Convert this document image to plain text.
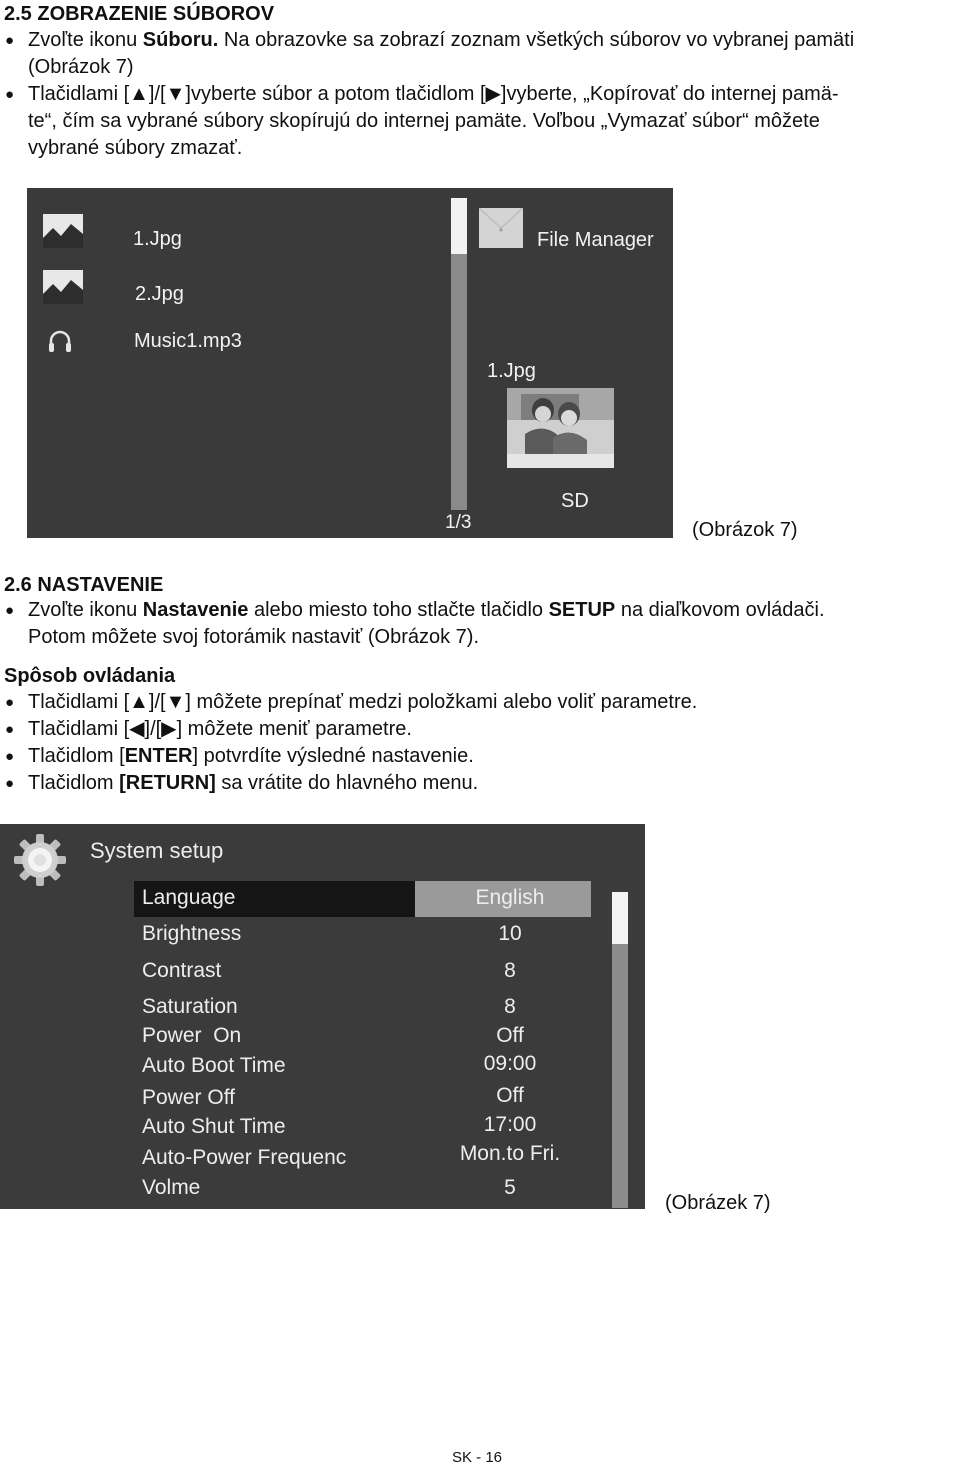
2.5 ZOBRAZENIE SÚBOROV
● Zvoľte ikonu Súboru. Na obrazovke sa zobrazí zoznam všetkých súborov vo vybranej pamäti
(Obrázok 7)
● Tlačidlami [▲]/[▼]vyberte súbor a potom tlačidlom [▶]vyberte, „Kopírovať do internej pamä-
te“, čím sa vybrané súbory skopírujú do internej pamäte. Voľbou „Vymazať súbor“ môžete
vybrané súbory zmazať.
1.Jpg
2.Jpg
Music1.mp3
1/3
File Manager
1.Jpg
SD
(Obrázok 7)
2.6 NASTAVENIE
● Zvoľte ikonu Nastavenie alebo miesto toho stlačte tlačidlo SETUP na diaľkovom ovládači.
Potom môžete svoj fotorámik nastaviť (Obrázok 7).
Spôsob ovládania
● Tlačidlami [▲]/[▼] môžete prepínať medzi položkami alebo voliť parametre.
● Tlačidlami [◀]/[▶] môžete meniť parametre.
● Tlačidlom [ENTER] potvrdíte výsledné nastavenie.
● Tlačidlom [RETURN] sa vrátite do hlavného menu.
System setup
Language	English
Brightness	10
Contrast	8
Saturation	8
Power  On	Off
Auto Boot Time	09:00
Power Off	Off
Auto Shut Time	17:00
Auto-Power Frequenc	Mon.to Fri.
Volme	5
(Obrázek 7)
SK - 16
